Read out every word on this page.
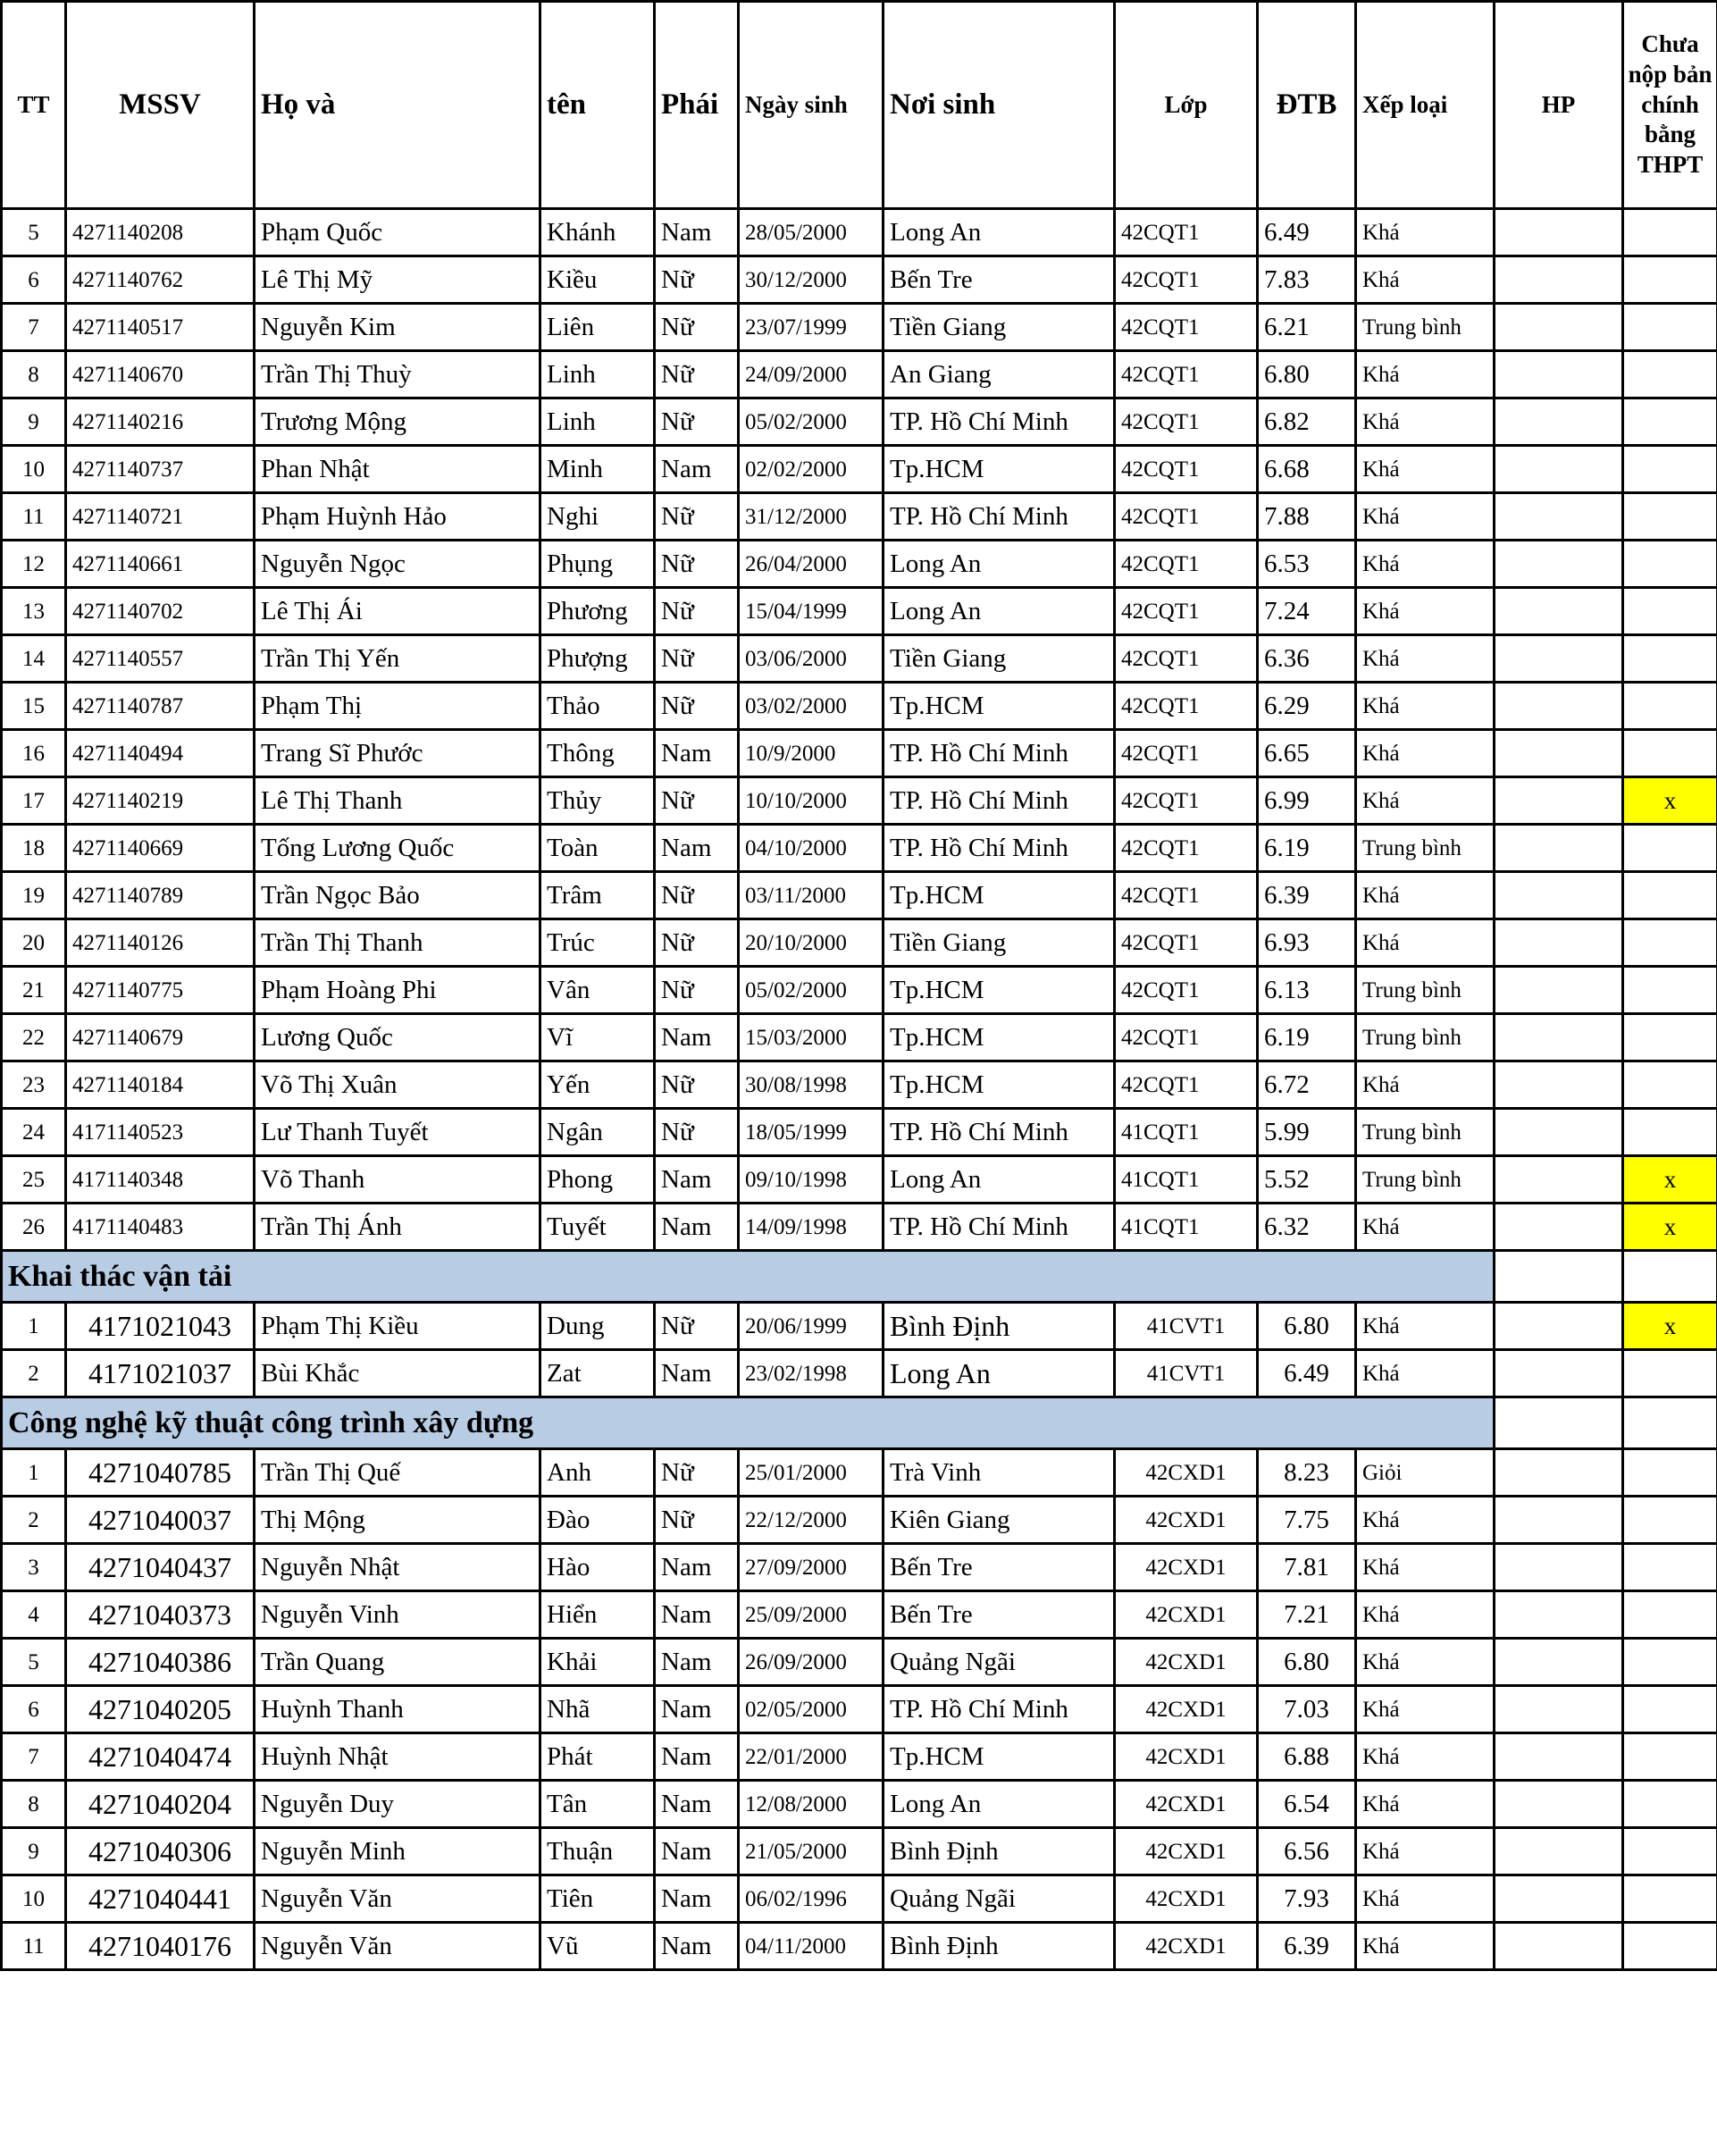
TT	MSSV	Họ và	tên	Phái	Ngày sinh	Nơi sinh	Lớp	ĐTB	Xếp loại	HP	Chưa nộp bản chính bằng THPT
5	4271140208	Phạm Quốc	Khánh	Nam	28/05/2000	Long An	42CQT1	6.49	Khá		
6	4271140762	Lê Thị Mỹ	Kiều	Nữ	30/12/2000	Bến Tre	42CQT1	7.83	Khá		
7	4271140517	Nguyễn Kim	Liên	Nữ	23/07/1999	Tiền Giang	42CQT1	6.21	Trung bình		
8	4271140670	Trần Thị Thuỳ	Linh	Nữ	24/09/2000	An Giang	42CQT1	6.80	Khá		
9	4271140216	Trương Mộng	Linh	Nữ	05/02/2000	TP. Hồ Chí Minh	42CQT1	6.82	Khá		
10	4271140737	Phan Nhật	Minh	Nam	02/02/2000	Tp.HCM	42CQT1	6.68	Khá		
11	4271140721	Phạm Huỳnh Hảo	Nghi	Nữ	31/12/2000	TP. Hồ Chí Minh	42CQT1	7.88	Khá		
12	4271140661	Nguyễn Ngọc	Phụng	Nữ	26/04/2000	Long An	42CQT1	6.53	Khá		
13	4271140702	Lê Thị Ái	Phương	Nữ	15/04/1999	Long An	42CQT1	7.24	Khá		
14	4271140557	Trần Thị Yến	Phượng	Nữ	03/06/2000	Tiền Giang	42CQT1	6.36	Khá		
15	4271140787	Phạm Thị	Thảo	Nữ	03/02/2000	Tp.HCM	42CQT1	6.29	Khá		
16	4271140494	Trang Sĩ Phước	Thông	Nam	10/9/2000	TP. Hồ Chí Minh	42CQT1	6.65	Khá		
17	4271140219	Lê Thị Thanh	Thủy	Nữ	10/10/2000	TP. Hồ Chí Minh	42CQT1	6.99	Khá		x
18	4271140669	Tống Lương Quốc	Toàn	Nam	04/10/2000	TP. Hồ Chí Minh	42CQT1	6.19	Trung bình		
19	4271140789	Trần Ngọc Bảo	Trâm	Nữ	03/11/2000	Tp.HCM	42CQT1	6.39	Khá		
20	4271140126	Trần Thị Thanh	Trúc	Nữ	20/10/2000	Tiền Giang	42CQT1	6.93	Khá		
21	4271140775	Phạm Hoàng Phi	Vân	Nữ	05/02/2000	Tp.HCM	42CQT1	6.13	Trung bình		
22	4271140679	Lương Quốc	Vĩ	Nam	15/03/2000	Tp.HCM	42CQT1	6.19	Trung bình		
23	4271140184	Võ Thị Xuân	Yến	Nữ	30/08/1998	Tp.HCM	42CQT1	6.72	Khá		
24	4171140523	Lư Thanh Tuyết	Ngân	Nữ	18/05/1999	TP. Hồ Chí Minh	41CQT1	5.99	Trung bình		
25	4171140348	Võ Thanh	Phong	Nam	09/10/1998	Long An	41CQT1	5.52	Trung bình		x
26	4171140483	Trần Thị Ánh	Tuyết	Nam	14/09/1998	TP. Hồ Chí Minh	41CQT1	6.32	Khá		x
Khai thác vận tải											
1	4171021043	Phạm Thị Kiều	Dung	Nữ	20/06/1999	Bình Định	41CVT1	6.80	Khá		x
2	4171021037	Bùi Khắc	Zat	Nam	23/02/1998	Long An	41CVT1	6.49	Khá		
Công nghệ kỹ thuật công trình xây dựng											
1	4271040785	Trần Thị Quế	Anh	Nữ	25/01/2000	Trà Vinh	42CXD1	8.23	Giỏi		
2	4271040037	Thị Mộng	Đào	Nữ	22/12/2000	Kiên Giang	42CXD1	7.75	Khá		
3	4271040437	Nguyễn Nhật	Hào	Nam	27/09/2000	Bến Tre	42CXD1	7.81	Khá		
4	4271040373	Nguyễn Vinh	Hiển	Nam	25/09/2000	Bến Tre	42CXD1	7.21	Khá		
5	4271040386	Trần Quang	Khải	Nam	26/09/2000	Quảng Ngãi	42CXD1	6.80	Khá		
6	4271040205	Huỳnh Thanh	Nhã	Nam	02/05/2000	TP. Hồ Chí Minh	42CXD1	7.03	Khá		
7	4271040474	Huỳnh Nhật	Phát	Nam	22/01/2000	Tp.HCM	42CXD1	6.88	Khá		
8	4271040204	Nguyễn Duy	Tân	Nam	12/08/2000	Long An	42CXD1	6.54	Khá		
9	4271040306	Nguyễn Minh	Thuận	Nam	21/05/2000	Bình Định	42CXD1	6.56	Khá		
10	4271040441	Nguyễn Văn	Tiên	Nam	06/02/1996	Quảng Ngãi	42CXD1	7.93	Khá		
11	4271040176	Nguyễn Văn	Vũ	Nam	04/11/2000	Bình Định	42CXD1	6.39	Khá		
